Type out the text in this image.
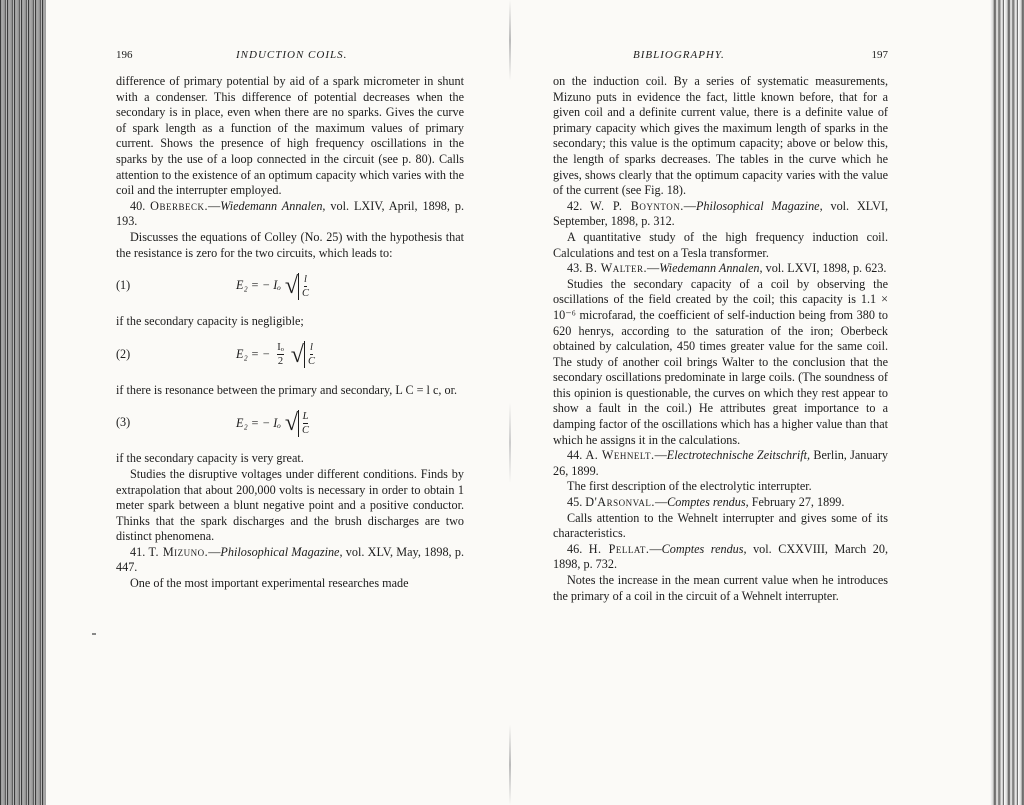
196	INDUCTION COILS.

difference of primary potential by aid of a spark micrometer in shunt with a condenser. This difference of potential decreases when the secondary is in place, even when there are no sparks. Gives the curve of spark length as a function of the maximum values of primary current. Shows the presence of high frequency oscillations in the sparks by the use of a loop connected in the circuit (see p. 80). Calls attention to the existence of an optimum capacity which varies with the coil and the interrupter employed.

40. Oberbeck.—Wiedemann Annalen, vol. LXIV, April, 1898, p. 193.

Discusses the equations of Colley (No. 25) with the hypothesis that the resistance is zero for the two circuits, which leads to:

(1)	E₂ = − Iₒ √ $\frac{l}{C}$

if the secondary capacity is negligible;

(2)	E₂ = − $\frac{\text{Iₒ}}{2}$ √ $\frac{l}{C}$

if there is resonance between the primary and secondary, L C = l c, or.

(3)	E₂ = − Iₒ √ $\frac{L}{C}$

if the secondary capacity is very great.

Studies the disruptive voltages under different conditions. Finds by extrapolation that about 200,000 volts is necessary in order to obtain 1 meter spark between a blunt negative point and a positive conductor. Thinks that the spark discharges and the brush discharges are two distinct phenomena.

41. T. Mizuno.—Philosophical Magazine, vol. XLV, May, 1898, p. 447.

One of the most important experimental researches made

BIBLIOGRAPHY.	197

on the induction coil. By a series of systematic measurements, Mizuno puts in evidence the fact, little known before, that for a given coil and a definite current value, there is a definite value of primary capacity which gives the maximum length of sparks in the secondary; this value is the optimum capacity; above or below this, the length of sparks decreases. The tables in the curve which he gives, shows clearly that the optimum capacity varies with the value of the current (see Fig. 18).

42. W. P. Boynton.—Philosophical Magazine, vol. XLVI, September, 1898, p. 312.

A quantitative study of the high frequency induction coil. Calculations and test on a Tesla transformer.

43. B. Walter.—Wiedemann Annalen, vol. LXVI, 1898, p. 623.

Studies the secondary capacity of a coil by observing the oscillations of the field created by the coil; this capacity is 1.1 × 10⁻⁶ microfarad, the coefficient of self-induction being from 380 to 620 henrys, according to the saturation of the iron; Oberbeck obtained by calculation, 450 times greater value for the same coil. The study of another coil brings Walter to the conclusion that the secondary oscillations predominate in large coils. (The soundness of this opinion is questionable, the curves on which they rest appear to show a fault in the coil.) He attributes great importance to a damping factor of the oscillations which has a higher value than that which he assigns it in the calculations.

44. A. Wehnelt.—Electrotechnische Zeitschrift, Berlin, January 26, 1899.

The first description of the electrolytic interrupter.

45. D'Arsonval.—Comptes rendus, February 27, 1899.

Calls attention to the Wehnelt interrupter and gives some of its characteristics.

46. H. Pellat.—Comptes rendus, vol. CXXVIII, March 20, 1898, p. 732.

Notes the increase in the mean current value when he introduces the primary of a coil in the circuit of a Wehnelt interrupter.
